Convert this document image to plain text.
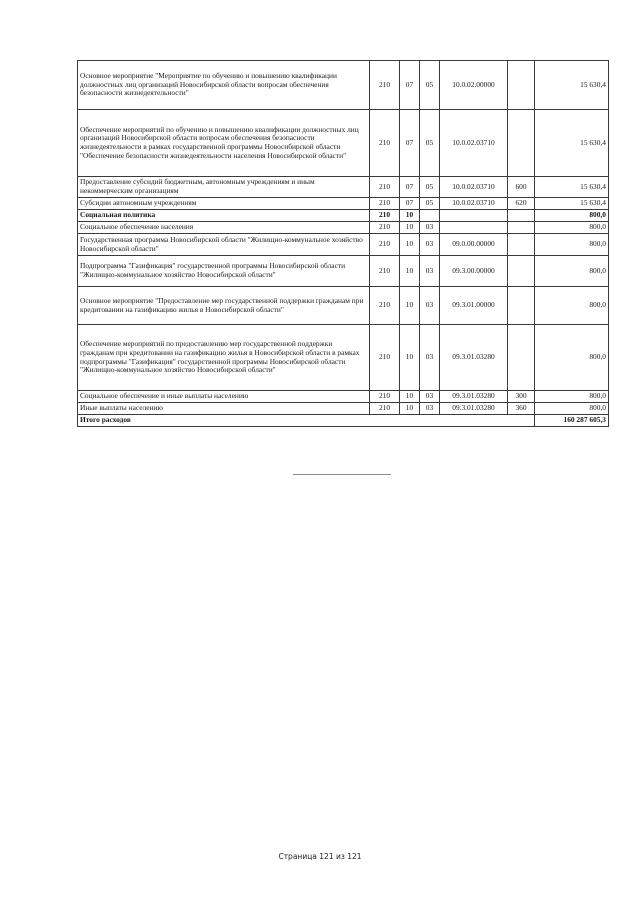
Основное мероприятие "Мероприятие по обучению и повышению квалификации должностных лиц организаций Новосибирской области вопросам обеспечения безопасности жизнедеятельности"	210	07	05	10.0.02.00000		15 630,4
Обеспечение мероприятий по обучению и повышению квалификации должностных лиц организаций Новосибирской области вопросам обеспечения безопасности жизнедеятельности в рамках государственной программы Новосибирской области "Обеспечение безопасности жизнедеятельности населения Новосибирской области"	210	07	05	10.0.02.03710		15 630,4
Предоставление субсидий бюджетным, автономным учреждениям и иным некоммерческим организациям	210	07	05	10.0.02.03710	600	15 630,4
Субсидии автономным учреждениям	210	07	05	10.0.02.03710	620	15 630,4
Социальная политика	210	10				800,0
Социальное обеспечение населения	210	10	03			800,0
Государственная программа Новосибирской области "Жилищно-коммунальное хозяйство Новосибирской области"	210	10	03	09.0.00.00000		800,0
Подпрограмма "Газификация" государственной программы Новосибирской области "Жилищно-коммунальное хозяйство Новосибирской области"	210	10	03	09.3.00.00000		800,0
Основное мероприятие "Предоставление мер государственной поддержки гражданам при кредитовании на газификацию жилья в Новосибирской области"	210	10	03	09.3.01.00000		800,0
Обеспечение мероприятий по предоставлению мер государственной поддержки гражданам при кредитовании на газификацию жилья в Новосибирской области в рамках подпрограммы "Газификация" государственной программы Новосибирской области "Жилищно-коммунальное хозяйство Новосибирской области"	210	10	03	09.3.01.03280		800,0
Социальное обеспечение и иные выплаты населению	210	10	03	09.3.01.03280	300	800,0
Иные выплаты населению	210	10	03	09.3.01.03280	360	800,0
Итого расходов						160 287 605,3
Страница 121 из 121
